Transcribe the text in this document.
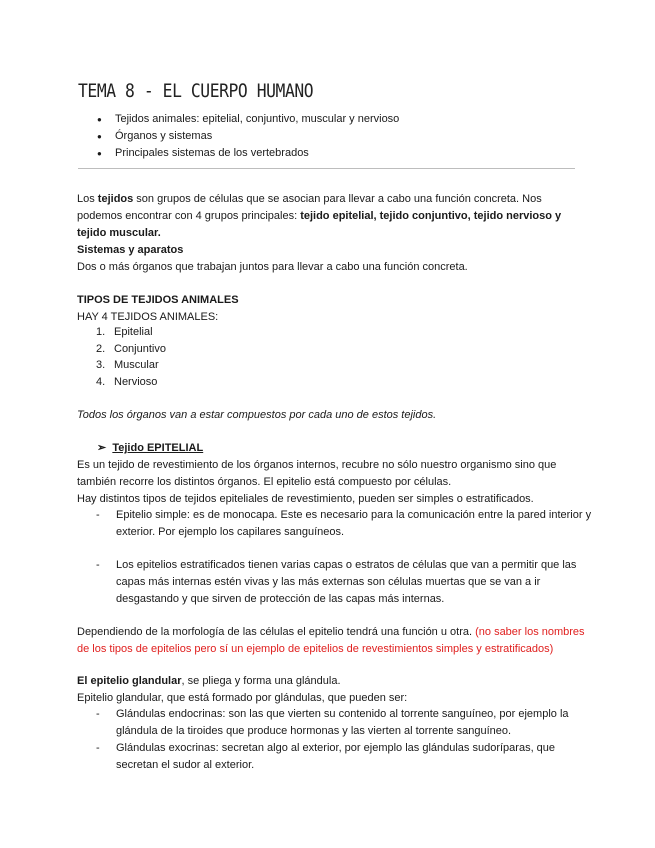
TEMA 8 - EL CUERPO HUMANO
● Tejidos animales: epitelial, conjuntivo, muscular y nervioso
● Órganos y sistemas
● Principales sistemas de los vertebrados
Los tejidos son grupos de células que se asocian para llevar a cabo una función concreta. Nos podemos encontrar con 4 grupos principales: tejido epitelial, tejido conjuntivo, tejido nervioso y tejido muscular.
Sistemas y aparatos
Dos o más órganos que trabajan juntos para llevar a cabo una función concreta.
TIPOS DE TEJIDOS ANIMALES
HAY 4 TEJIDOS ANIMALES:
1. Epitelial
2. Conjuntivo
3. Muscular
4. Nervioso
Todos los órganos van a estar compuestos por cada uno de estos tejidos.
➢ Tejido EPITELIAL
Es un tejido de revestimiento de los órganos internos, recubre no sólo nuestro organismo sino que
también recorre los distintos órganos. El epitelio está compuesto por células.
Hay distintos tipos de tejidos epiteliales de revestimiento, pueden ser simples o estratificados.
- Epitelio simple: es de monocapa. Este es necesario para la comunicación entre la pared interior y
exterior. Por ejemplo los capilares sanguíneos.
- Los epitelios estratificados tienen varias capas o estratos de células que van a permitir que las
capas más internas estén vivas y las más externas son células muertas que se van a ir
desgastando y que sirven de protección de las capas más internas.
Dependiendo de la morfología de las células el epitelio tendrá una función u otra. (no saber los nombres
de los tipos de epitelios pero sí un ejemplo de epitelios de revestimientos simples y estratificados)
El epitelio glandular, se pliega y forma una glándula.
Epitelio glandular, que está formado por glándulas, que pueden ser:
- Glándulas endocrinas: son las que vierten su contenido al torrente sanguíneo, por ejemplo la
glándula de la tiroides que produce hormonas y las vierten al torrente sanguíneo.
- Glándulas exocrinas: secretan algo al exterior, por ejemplo las glándulas sudoríparas, que
secretan el sudor al exterior.
